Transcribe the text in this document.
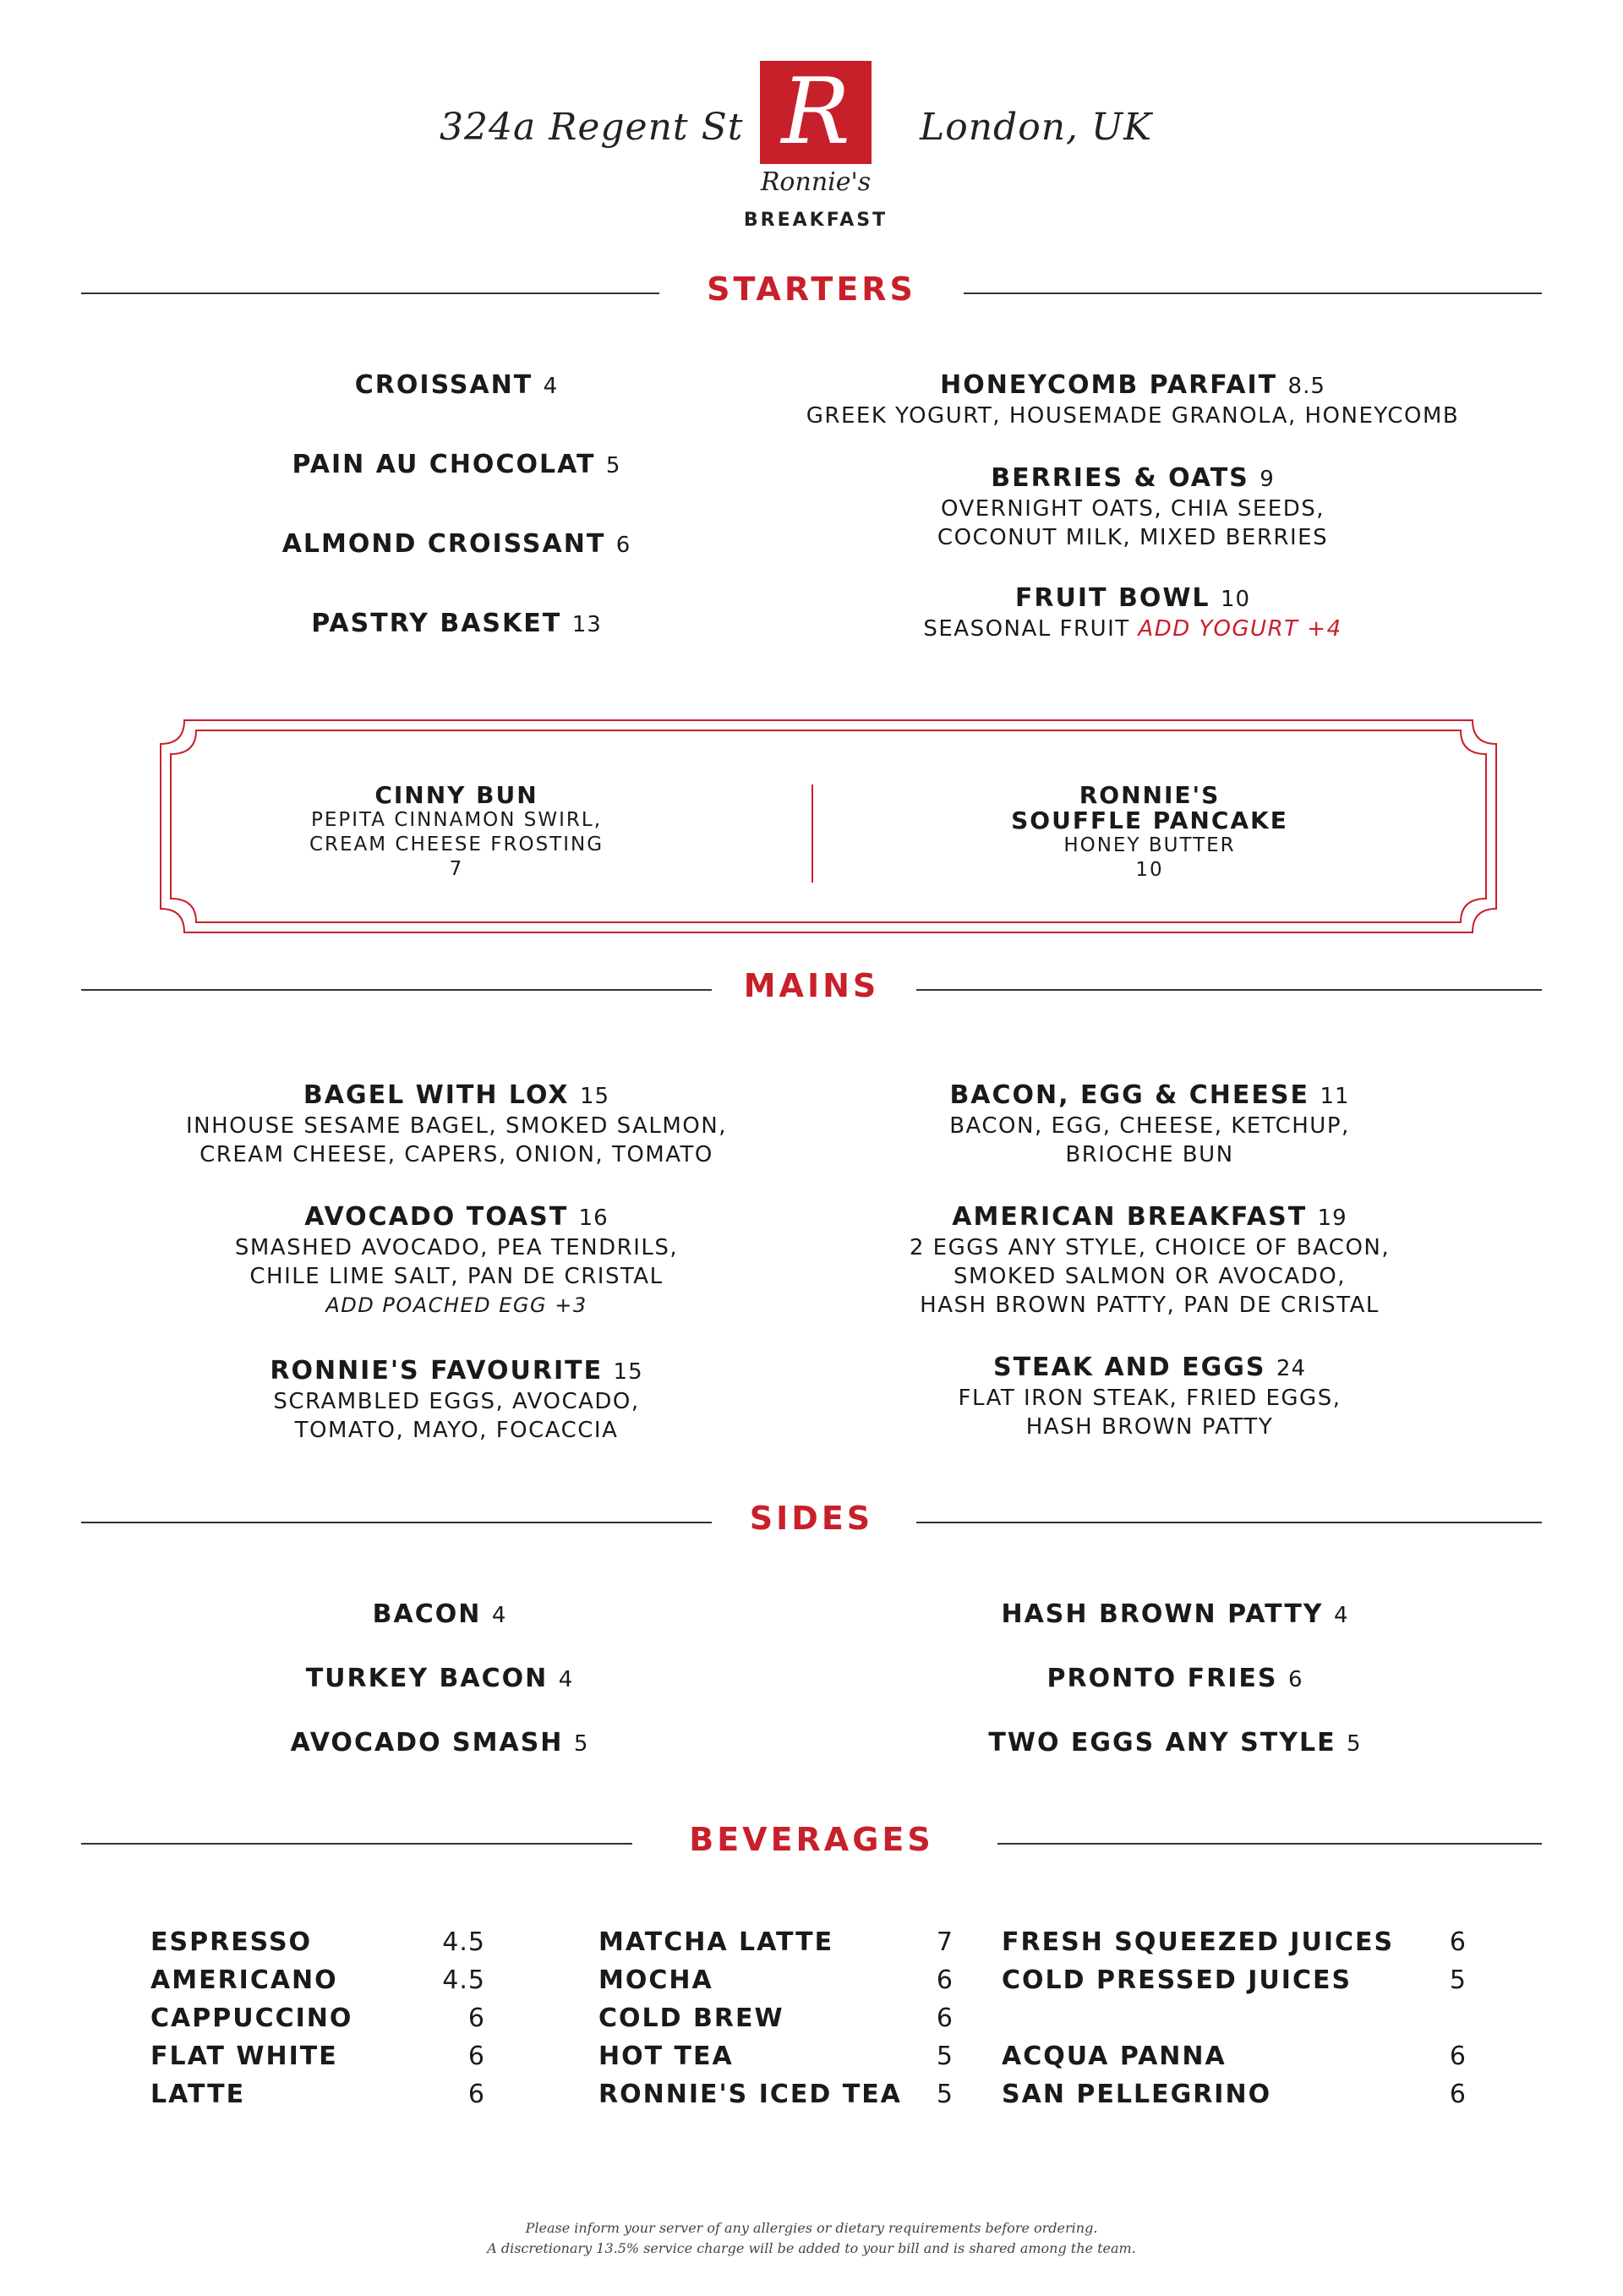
324a Regent St R	London, UK
Ronnie's
BREAKFAST
STARTERS
CROISSANT 4
PAIN AU CHOCOLAT 5
ALMOND CROISSANT 6
PASTRY BASKET 13
HONEYCOMB PARFAIT 8.5
GREEK YOGURT, HOUSEMADE GRANOLA, HONEYCOMB
BERRIES & OATS 9
OVERNIGHT OATS, CHIA SEEDS,
COCONUT MILK, MIXED BERRIES
FRUIT BOWL 10
SEASONAL FRUIT ADD YOGURT +4
CINNY BUN
PEPITA CINNAMON SWIRL,
CREAM CHEESE FROSTING
7
RONNIE'S
SOUFFLE PANCAKE
HONEY BUTTER
10
MAINS
BAGEL WITH LOX 15
INHOUSE SESAME BAGEL, SMOKED SALMON,
CREAM CHEESE, CAPERS, ONION, TOMATO
AVOCADO TOAST 16
SMASHED AVOCADO, PEA TENDRILS,
CHILE LIME SALT, PAN DE CRISTAL
ADD POACHED EGG +3
RONNIE'S FAVOURITE 15
SCRAMBLED EGGS, AVOCADO,
TOMATO, MAYO, FOCACCIA
BACON, EGG & CHEESE 11
BACON, EGG, CHEESE, KETCHUP,
BRIOCHE BUN
AMERICAN BREAKFAST 19
2 EGGS ANY STYLE, CHOICE OF BACON,
SMOKED SALMON OR AVOCADO,
HASH BROWN PATTY, PAN DE CRISTAL
STEAK AND EGGS 24
FLAT IRON STEAK, FRIED EGGS,
HASH BROWN PATTY
SIDES
BACON 4
TURKEY BACON 4
AVOCADO SMASH 5
HASH BROWN PATTY 4
PRONTO FRIES 6
TWO EGGS ANY STYLE 5
BEVERAGES
ESPRESSO	4.5
AMERICANO	4.5
CAPPUCCINO	6
FLAT WHITE	6
LATTE	6
MATCHA LATTE	7
MOCHA	6
COLD BREW	6
HOT TEA	5
RONNIE'S ICED TEA 5
FRESH SQUEEZED JUICES 6
COLD PRESSED JUICES	5
ACQUA PANNA	6
SAN PELLEGRINO	6
Please inform your server of any allergies or dietary requirements before ordering.
A discretionary 13.5% service charge will be added to your bill and is shared among the team.
